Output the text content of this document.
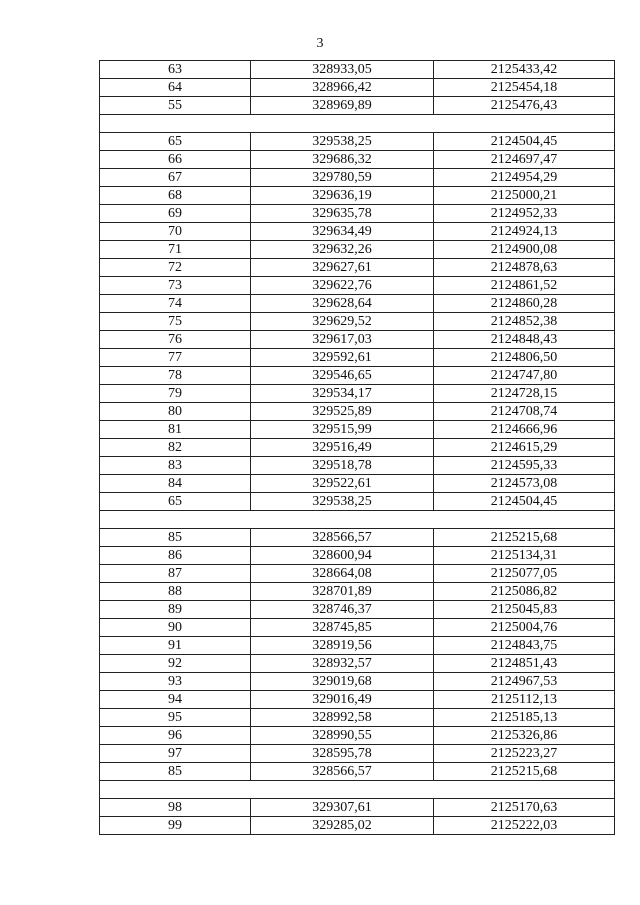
3
63	328933,05	2125433,42
64	328966,42	2125454,18
55	328969,89	2125476,43

65	329538,25	2124504,45
66	329686,32	2124697,47
67	329780,59	2124954,29
68	329636,19	2125000,21
69	329635,78	2124952,33
70	329634,49	2124924,13
71	329632,26	2124900,08
72	329627,61	2124878,63
73	329622,76	2124861,52
74	329628,64	2124860,28
75	329629,52	2124852,38
76	329617,03	2124848,43
77	329592,61	2124806,50
78	329546,65	2124747,80
79	329534,17	2124728,15
80	329525,89	2124708,74
81	329515,99	2124666,96
82	329516,49	2124615,29
83	329518,78	2124595,33
84	329522,61	2124573,08
65	329538,25	2124504,45

85	328566,57	2125215,68
86	328600,94	2125134,31
87	328664,08	2125077,05
88	328701,89	2125086,82
89	328746,37	2125045,83
90	328745,85	2125004,76
91	328919,56	2124843,75
92	328932,57	2124851,43
93	329019,68	2124967,53
94	329016,49	2125112,13
95	328992,58	2125185,13
96	328990,55	2125326,86
97	328595,78	2125223,27
85	328566,57	2125215,68

98	329307,61	2125170,63
99	329285,02	2125222,03
